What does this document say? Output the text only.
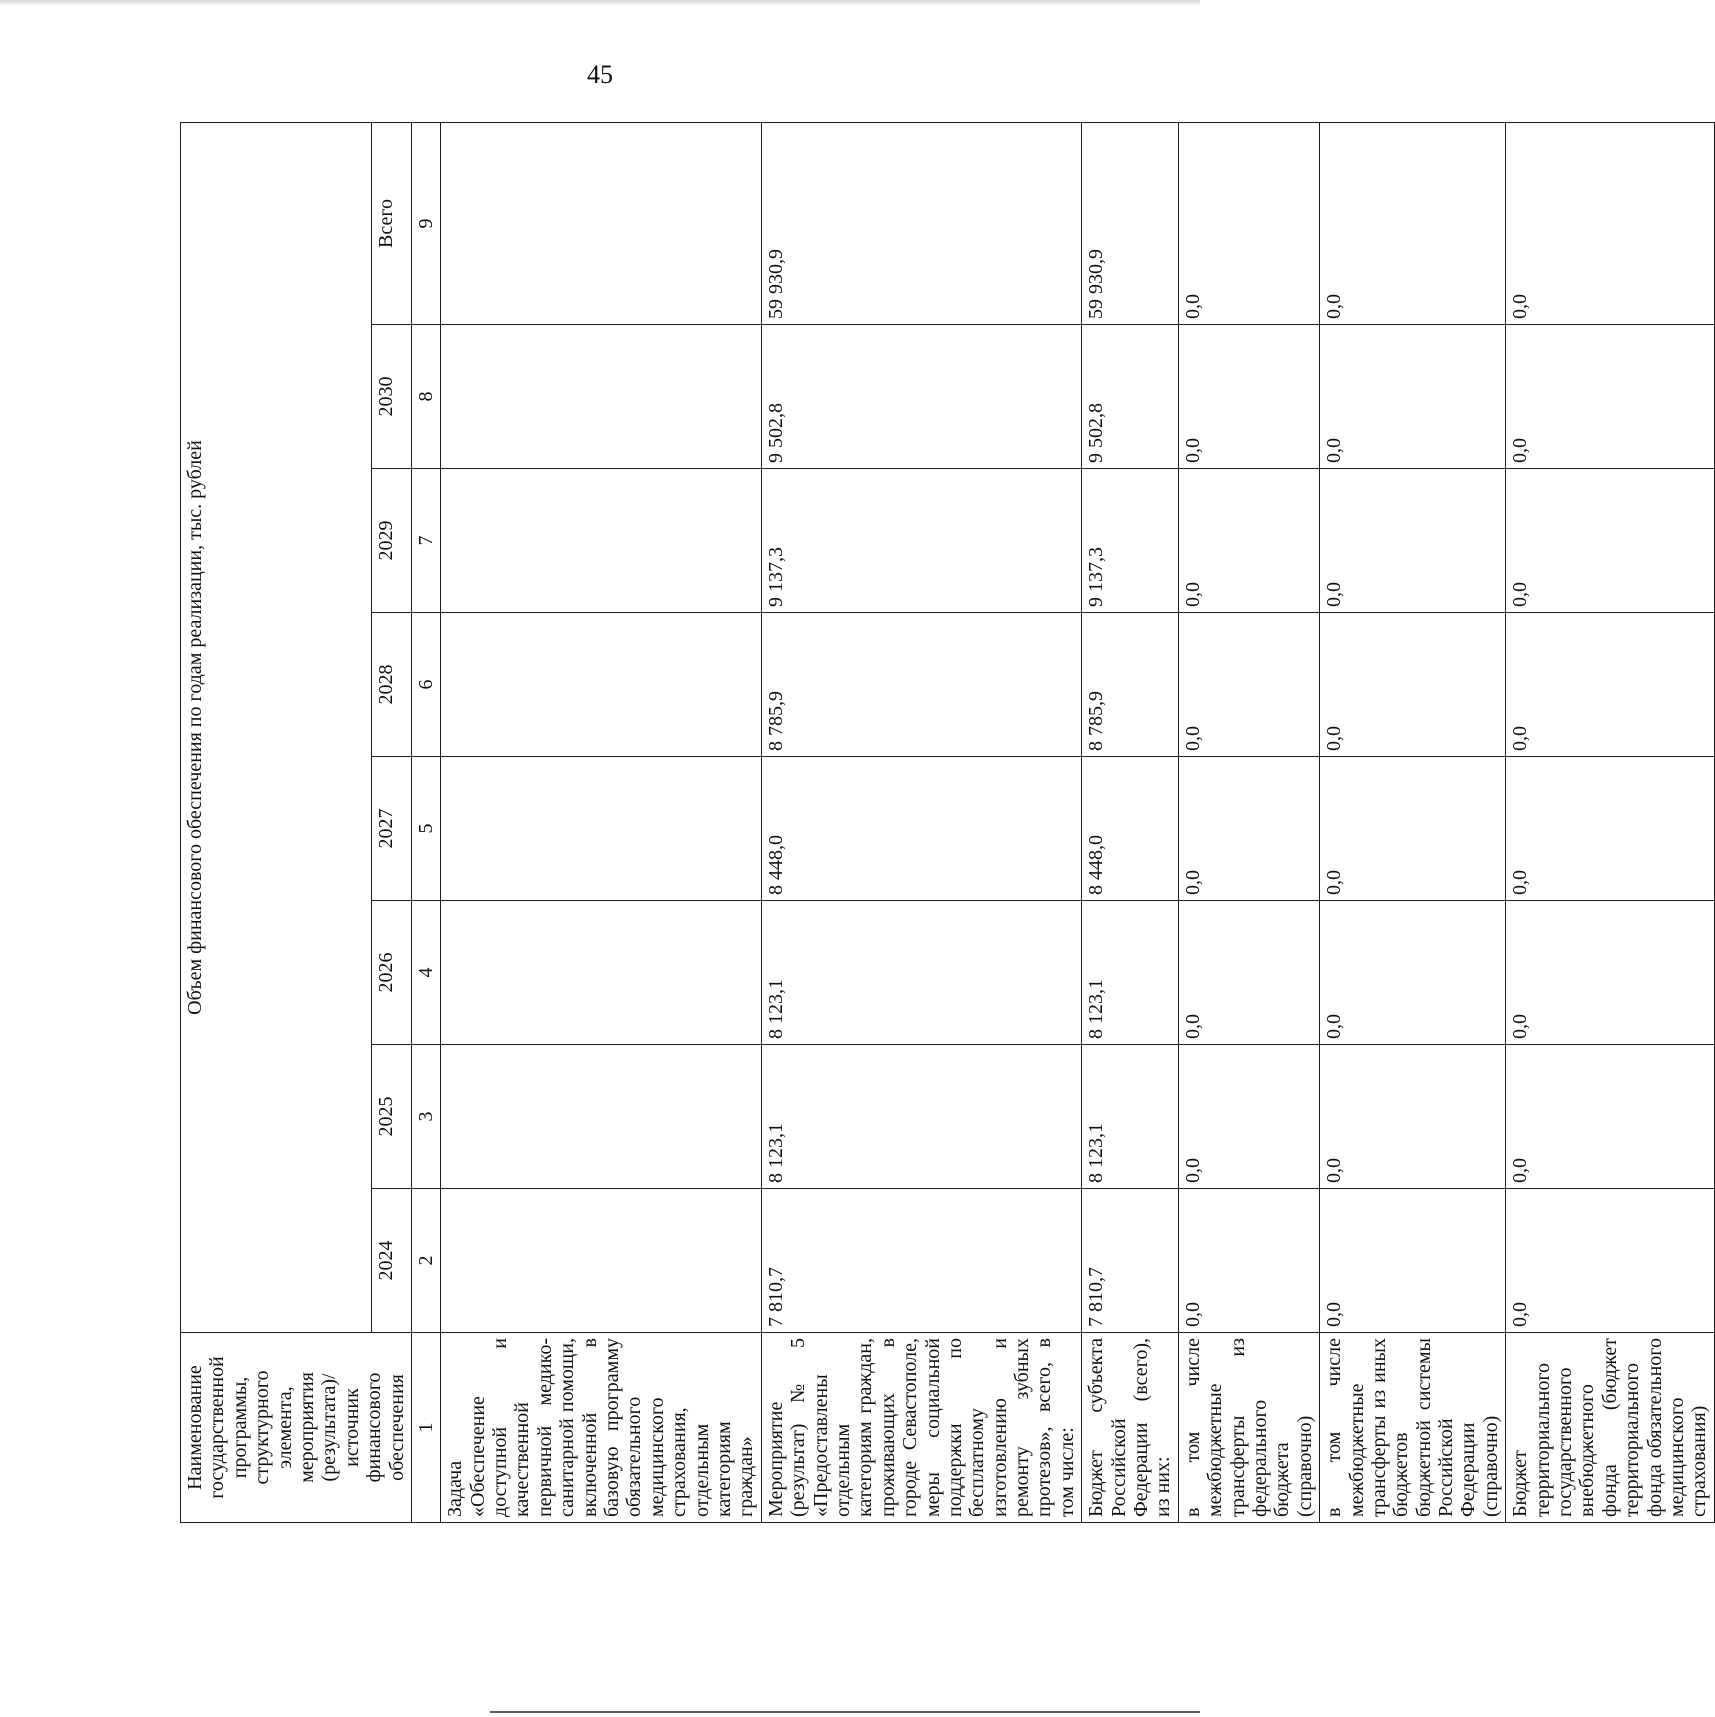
45
Наименование государственной программы, структурного элемента, мероприятия (результата)/источник финансового обеспечения	Объем финансового обеспечения по годам реализации, тыс. рублей							
	2024	2025	2026	2027	2028	2029	2030	Всего
1	2	3	4	5	6	7	8	9
Задача «Обеспечение доступной и качественной первичной медико-санитарной помощи, включенной в базовую программу обязательного медицинского страхования, отдельным категориям граждан»								
Мероприятие (результат) № 5 «Предоставлены отдельным категориям граждан, проживающих в городе Севастополе, меры социальной поддержки по бесплатному изготовлению и ремонту зубных протезов», всего, в том числе:	7 810,7	8 123,1	8 123,1	8 448,0	8 785,9	9 137,3	9 502,8	59 930,9
Бюджет субъекта Российской Федерации (всего), из них:	7 810,7	8 123,1	8 123,1	8 448,0	8 785,9	9 137,3	9 502,8	59 930,9
в том числе межбюджетные трансферты из федерального бюджета (справочно)	0,0	0,0	0,0	0,0	0,0	0,0	0,0	0,0
в том числе межбюджетные трансферты из иных бюджетов бюджетной системы Российской Федерации (справочно)	0,0	0,0	0,0	0,0	0,0	0,0	0,0	0,0
Бюджет территориального государственного внебюджетного фонда (бюджет территориального фонда обязательного медицинского страхования)	0,0	0,0	0,0	0,0	0,0	0,0	0,0	0,0
